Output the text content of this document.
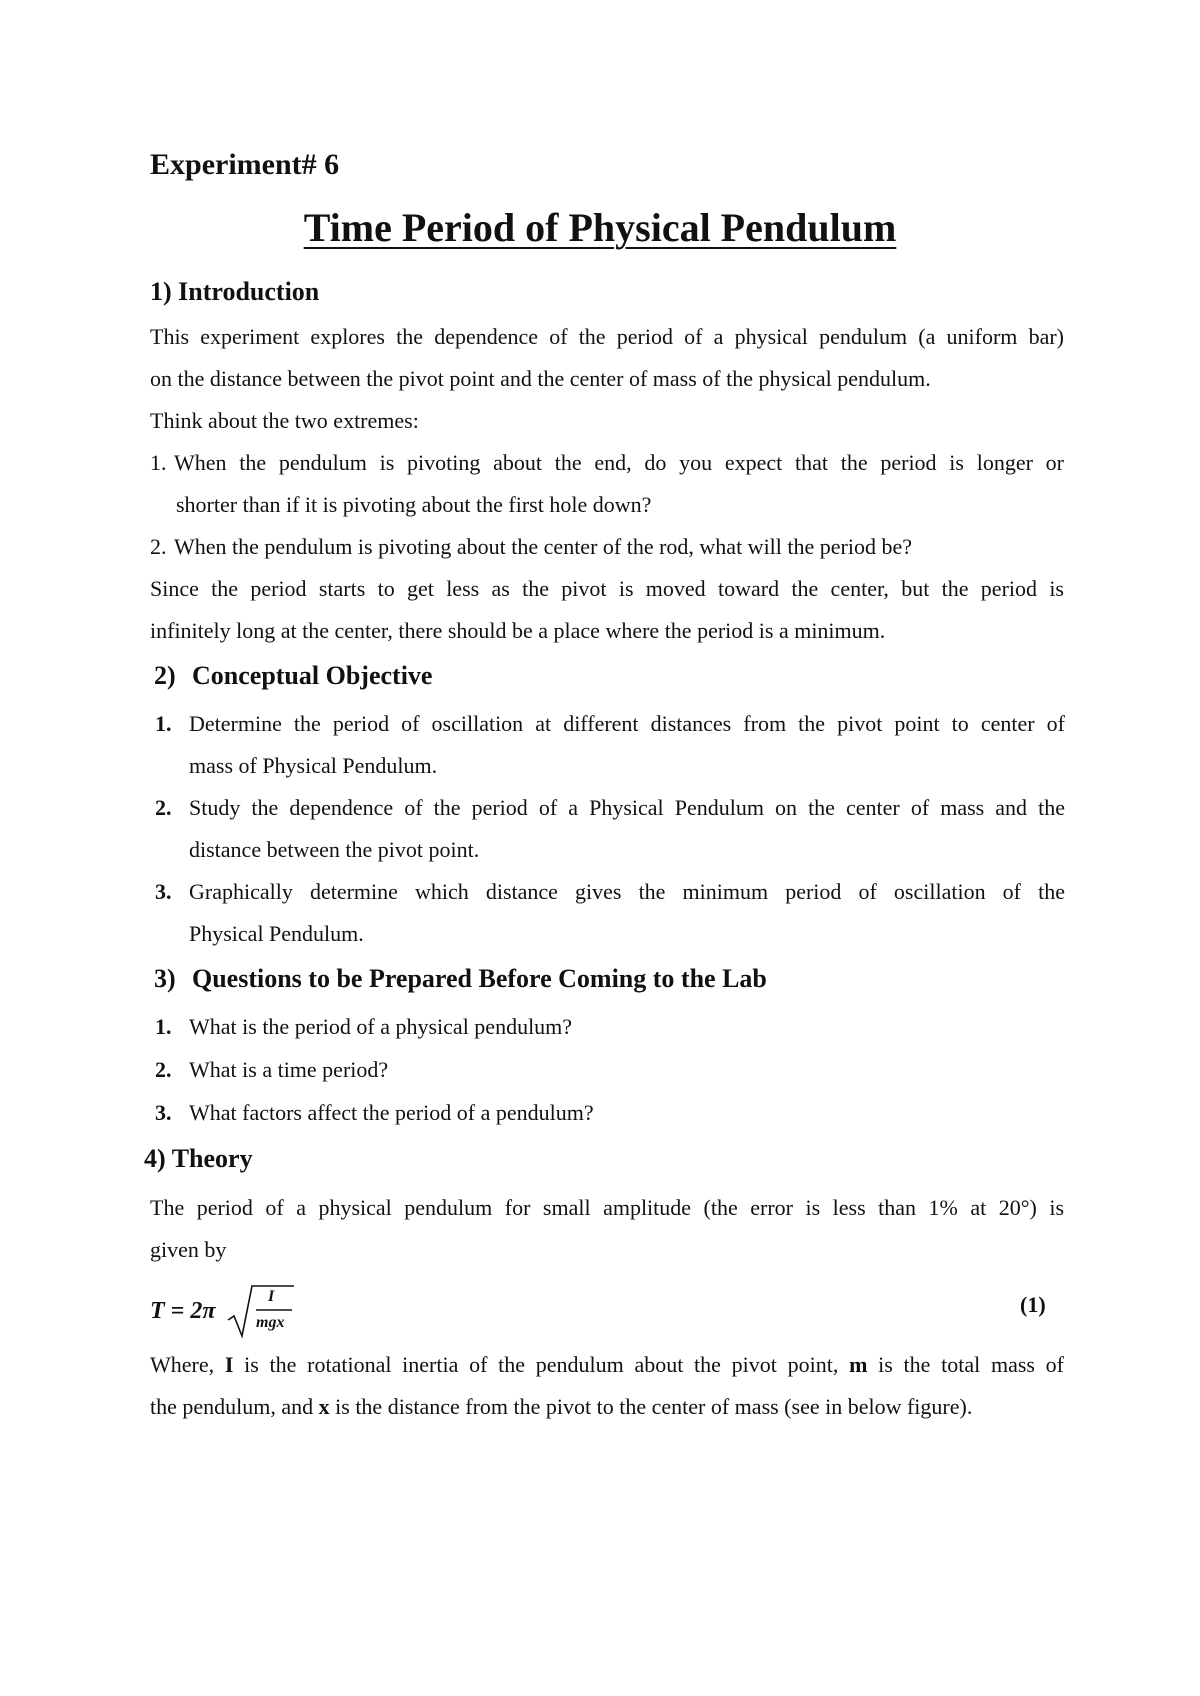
Experiment# 6
Time Period of Physical Pendulum
1) Introduction
This experiment explores the dependence of the period of a physical pendulum (a uniform bar)
on the distance between the pivot point and the center of mass of the physical pendulum.
Think about the two extremes:
1. When the pendulum is pivoting about the end, do you expect that the period is longer or
shorter than if it is pivoting about the first hole down?
2. When the pendulum is pivoting about the center of the rod, what will the period be?
Since the period starts to get less as the pivot is moved toward the center, but the period is
infinitely long at the center, there should be a place where the period is a minimum.
2) Conceptual Objective
1. Determine the period of oscillation at different distances from the pivot point to center of
mass of Physical Pendulum.
2. Study the dependence of the period of a Physical Pendulum on the center of mass and the
distance between the pivot point.
3. Graphically determine which distance gives the minimum period of oscillation of the
Physical Pendulum.
3) Questions to be Prepared Before Coming to the Lab
1. What is the period of a physical pendulum?
2. What is a time period?
3. What factors affect the period of a pendulum?
4) Theory
The period of a physical pendulum for small amplitude (the error is less than 1% at 20°) is
given by
T = 2π
I
mgx
(1)
Where, I is the rotational inertia of the pendulum about the pivot point, m is the total mass of
the pendulum, and x is the distance from the pivot to the center of mass (see in below figure).
